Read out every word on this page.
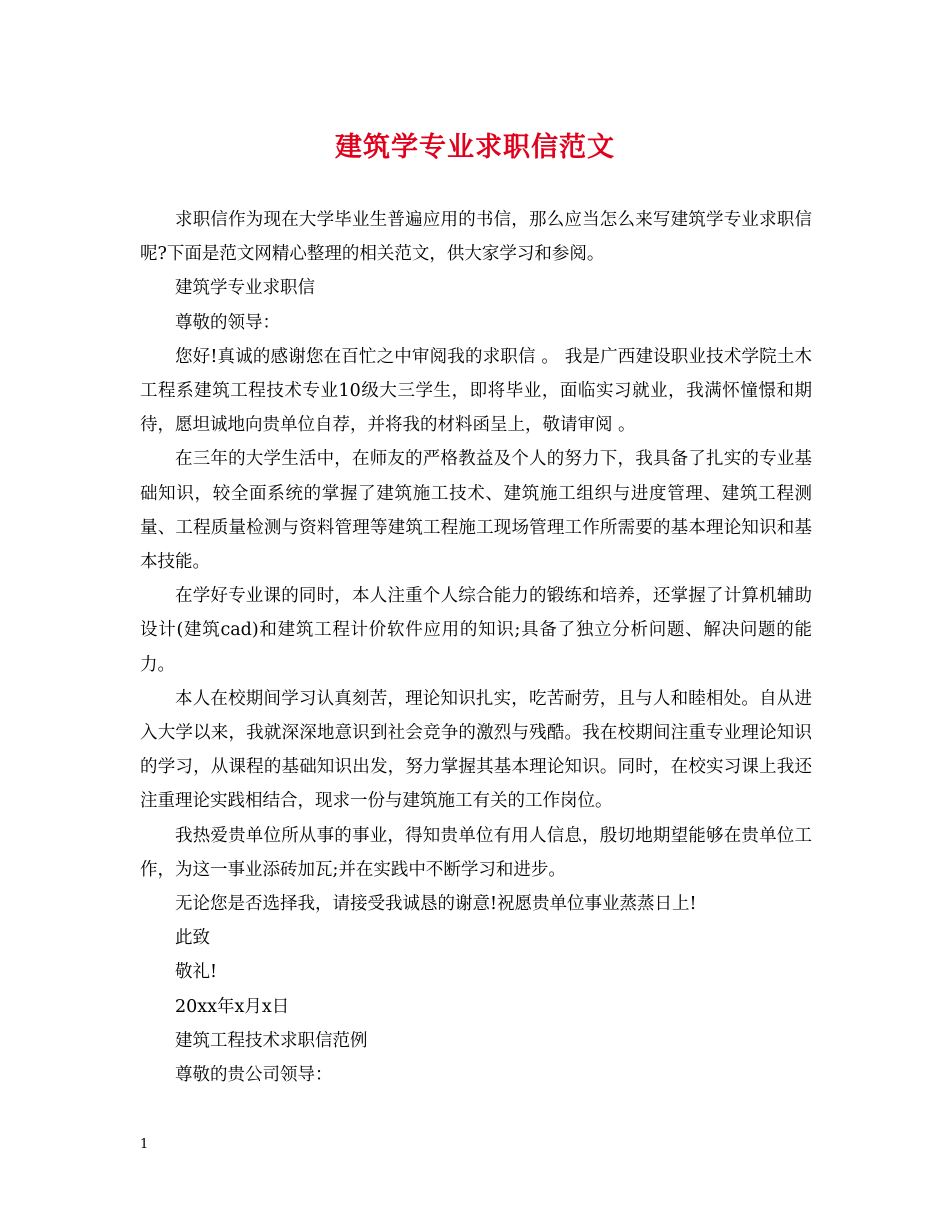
建筑学专业求职信范文

求职信作为现在大学毕业生普遍应用的书信，那么应当怎么来写建筑学专业求职信呢?下面是范文网精心整理的相关范文，供大家学习和参阅。

建筑学专业求职信

尊敬的领导：

您好!真诚的感谢您在百忙之中审阅我的求职信 。 我是广西建设职业技术学院土木工程系建筑工程技术专业10级大三学生，即将毕业，面临实习就业，我满怀憧憬和期待，愿坦诚地向贵单位自荐，并将我的材料函呈上，敬请审阅 。

在三年的大学生活中，在师友的严格教益及个人的努力下，我具备了扎实的专业基础知识，较全面系统的掌握了建筑施工技术、建筑施工组织与进度管理、建筑工程测量、工程质量检测与资料管理等建筑工程施工现场管理工作所需要的基本理论知识和基本技能。

在学好专业课的同时，本人注重个人综合能力的锻练和培养，还掌握了计算机辅助设计(建筑cad)和建筑工程计价软件应用的知识;具备了独立分析问题、解决问题的能力。

本人在校期间学习认真刻苦，理论知识扎实，吃苦耐劳，且与人和睦相处。自从进入大学以来，我就深深地意识到社会竞争的激烈与残酷。我在校期间注重专业理论知识的学习，从课程的基础知识出发，努力掌握其基本理论知识。同时，在校实习课上我还注重理论实践相结合，现求一份与建筑施工有关的工作岗位。

我热爱贵单位所从事的事业，得知贵单位有用人信息，殷切地期望能够在贵单位工作，为这一事业添砖加瓦;并在实践中不断学习和进步。

无论您是否选择我，请接受我诚恳的谢意!祝愿贵单位事业蒸蒸日上!

此致

敬礼!

20xx年x月x日

建筑工程技术求职信范例

尊敬的贵公司领导：

1
